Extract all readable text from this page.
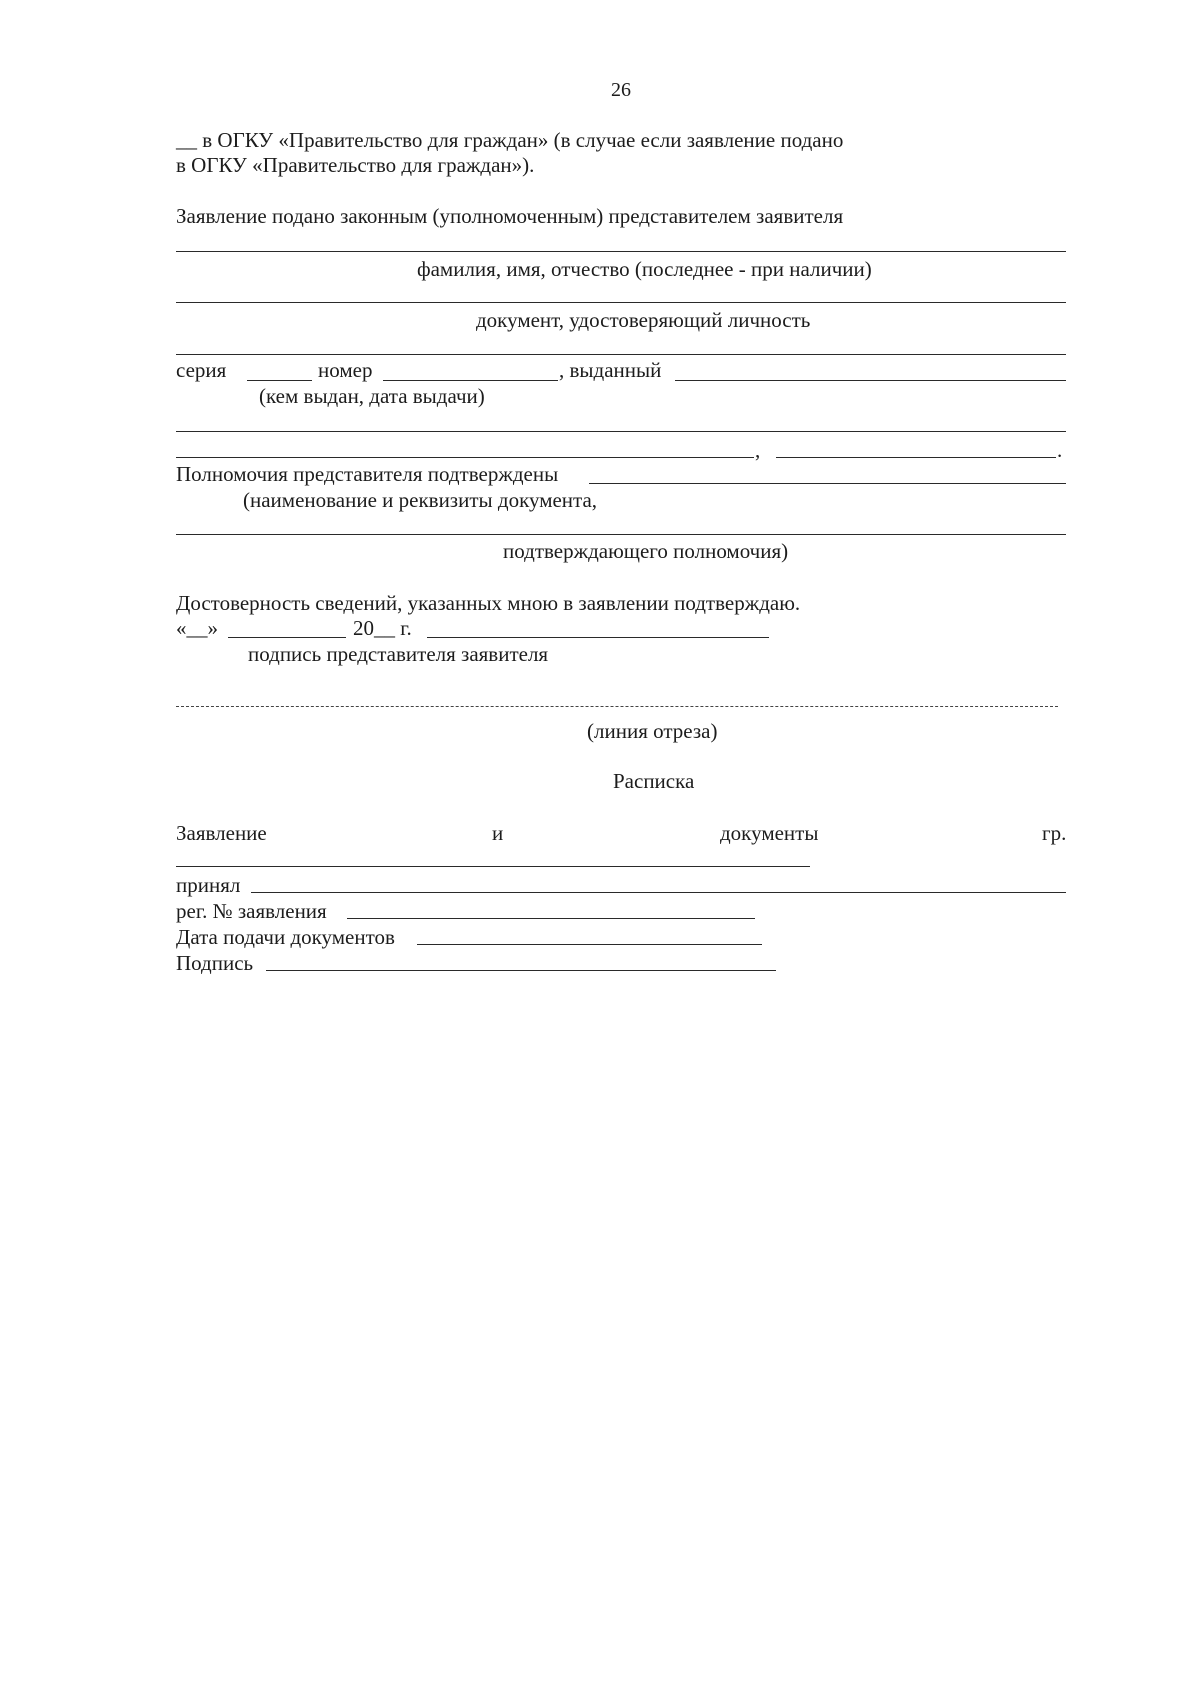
26
__ в ОГКУ «Правительство для граждан» (в случае если заявление подано
в ОГКУ «Правительство для граждан»).
Заявление подано законным (уполномоченным) представителем заявителя
фамилия, имя, отчество (последнее - при наличии)
документ, удостоверяющий личность
серия	номер	, выданный
(кем выдан, дата выдачи)
,	.
Полномочия представителя подтверждены
(наименование и реквизиты документа,
подтверждающего полномочия)
Достоверность сведений, указанных мною в заявлении подтверждаю.
«__»	20__ г.
подпись представителя заявителя
(линия отреза)
Расписка
Заявление	и	документы	гр.
принял
рег. № заявления
Дата подачи документов
Подпись
